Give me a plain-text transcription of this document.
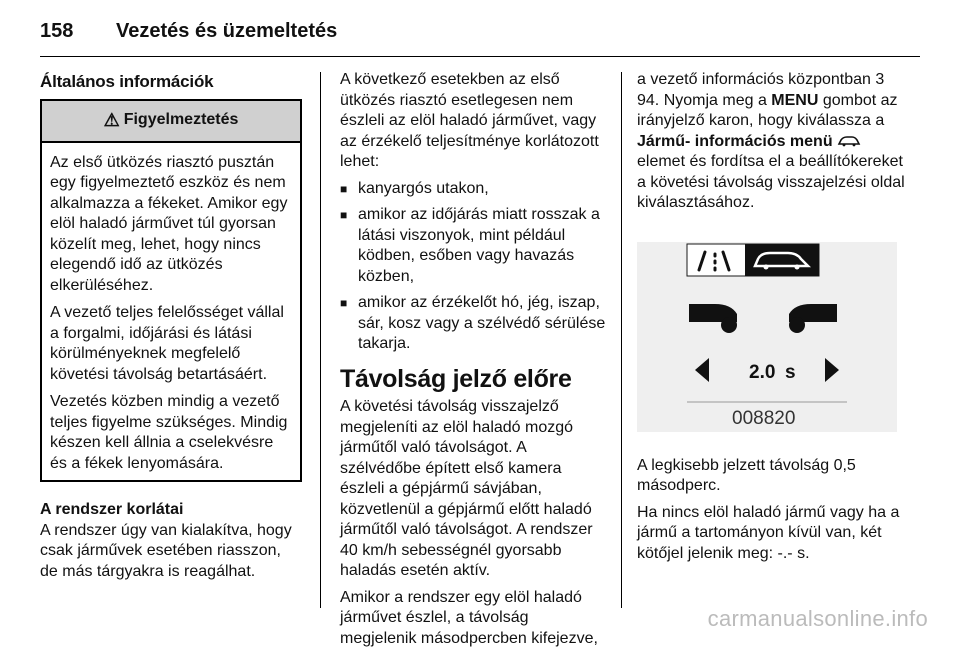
158 Vezetés és üzemeltetés
Általános információk
⚠ Figyelmeztetés

Az első ütközés riasztó pusztán egy figyelmeztető eszköz és nem alkalmazza a fékeket. Amikor egy elöl haladó járművet túl gyorsan közelít meg, lehet, hogy nincs elegendő idő az ütközés elkerüléséhez.

A vezető teljes felelősséget vállal a forgalmi, időjárási és látási körülményeknek megfelelő követési távolság betartásáért.

Vezetés közben mindig a vezető teljes figyelme szükséges. Mindig készen kell állnia a cselekvésre és a fékek lenyomására.

A rendszer korlátai

A rendszer úgy van kialakítva, hogy csak járművek esetében riasszon, de más tárgyakra is reagálhat.

A következő esetekben az első ütközés riasztó esetlegesen nem észleli az elöl haladó járművet, vagy az érzékelő teljesítménye korlátozott lehet:

■ kanyargós utakon,
■ amikor az időjárás miatt rosszak a látási viszonyok, mint például ködben, esőben vagy havazás közben,
■ amikor az érzékelőt hó, jég, iszap, sár, kosz vagy a szélvédő sérülése takarja.
Távolság jelző előre

A követési távolság visszajelző megjeleníti az elöl haladó mozgó járműtől való távolságot. A szélvédőbe épített első kamera észleli a gépjármű sávjában, közvetlenül a gépjármű előtt haladó járműtől való távolságot. A rendszer 40 km/h sebességnél gyorsabb haladás esetén aktív.

Amikor a rendszer egy elöl haladó járművet észlel, a távolság megjelenik másodpercben kifejezve,

a vezető információs központban 3 94. Nyomja meg a MENU gombot az irányjelző karon, hogy kiválassza a Jármű- információs menü  elemet és fordítsa el a beállítókereket a követési távolság visszajelzési oldal kiválasztásához.

2.0 s
008820

A legkisebb jelzett távolság 0,5 másodperc.

Ha nincs elöl haladó jármű vagy ha a jármű a tartományon kívül van, két kötőjel jelenik meg: -.- s.

carmanualsonline.info
